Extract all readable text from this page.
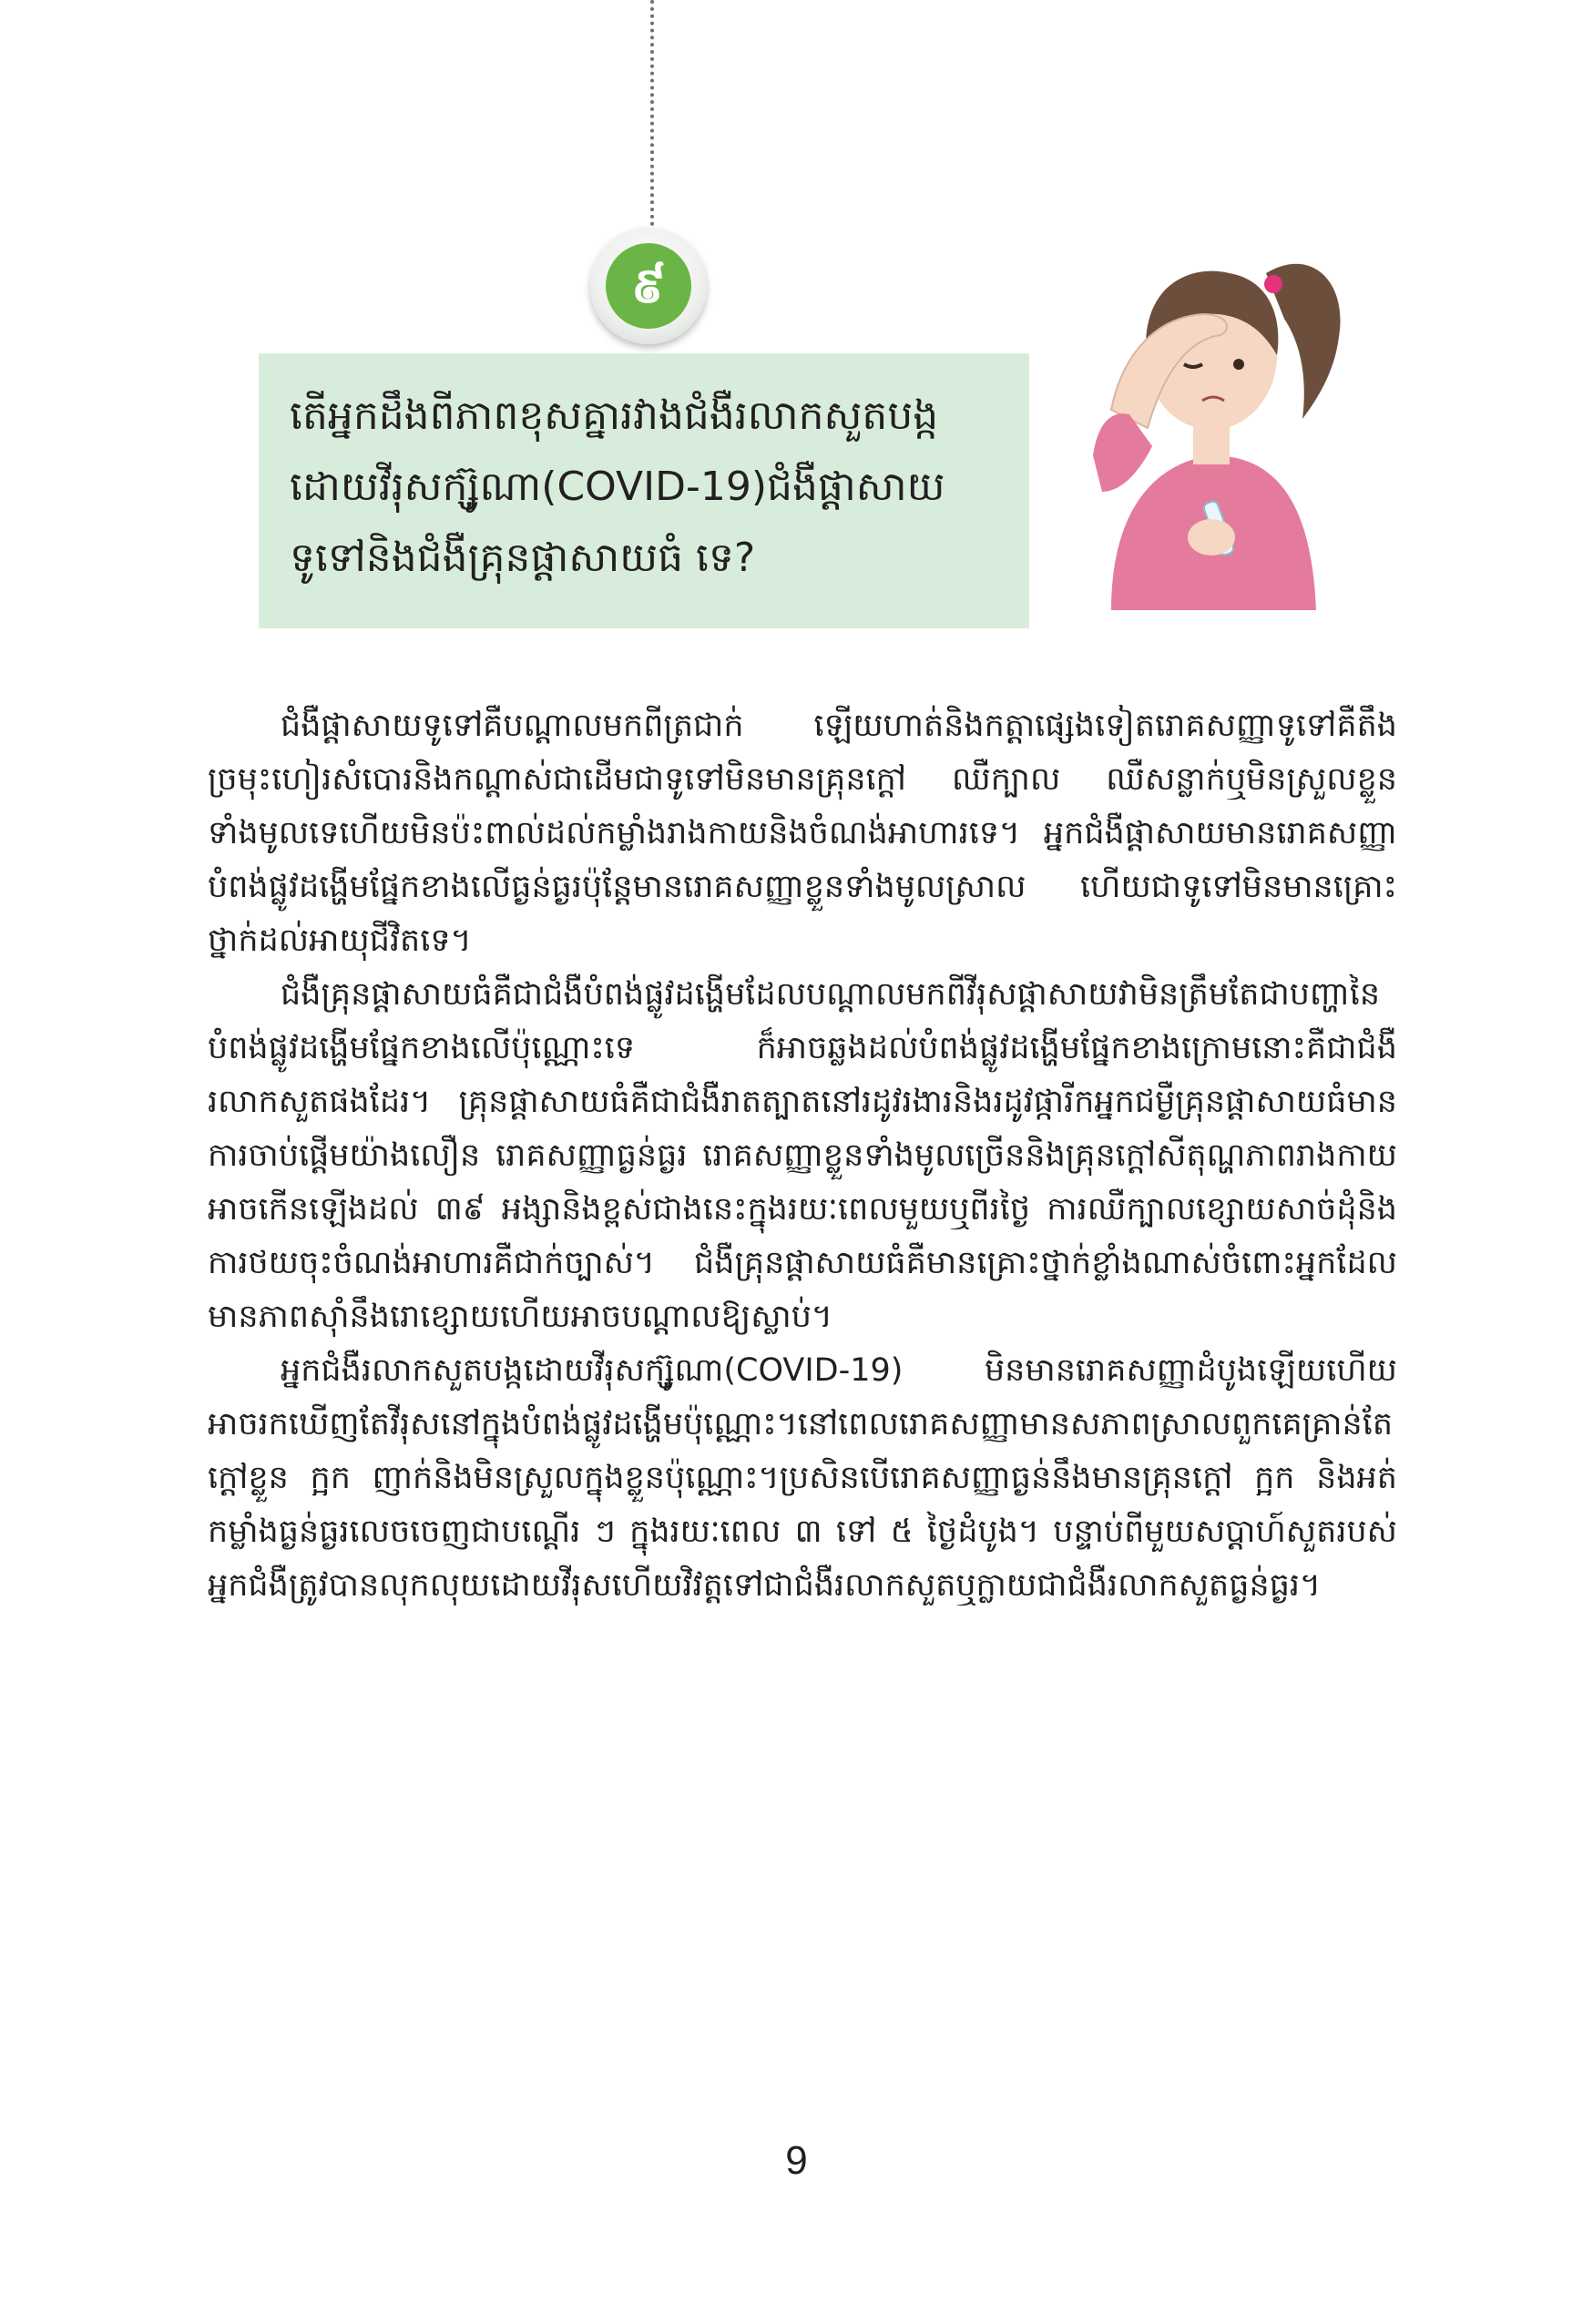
៩
តើអ្នកដឹងពីភាពខុសគ្នារវាងជំងឺរលាកសួតបង្កដោយវីរុសក្ស៊ូណា(COVID-19)ជំងឺផ្តាសាយទូទៅនិងជំងឺគ្រុនផ្តាសាយធំ ទេ?

ជំងឺផ្តាសាយទូទៅគឺបណ្តាលមកពីត្រជាក់ ឡើយហាត់និងកត្តាផ្សេងទៀតរោគសញ្ញាទូទៅគឺតឹងច្រមុះហៀរសំបោរនិងកណ្តាស់ជាដើមជាទូទៅមិនមានគ្រុនក្តៅ ឈឺក្បាល ឈឺសន្លាក់ឬមិនស្រួលខ្លួនទាំងមូលទេហើយមិនប៉ះពាល់ដល់កម្លាំងរាងកាយនិងចំណង់អាហារទេ។ អ្នកជំងឺផ្តាសាយមានរោគសញ្ញាបំពង់ផ្លូវដង្ហើមផ្នែកខាងលើធ្ងន់ធ្ងរប៉ុន្តែមានរោគសញ្ញាខ្លួនទាំងមូលស្រាល ហើយជាទូទៅមិនមានគ្រោះថ្នាក់ដល់អាយុជីវិតទេ។

ជំងឺគ្រុនផ្តាសាយធំគឺជាជំងឺបំពង់ផ្លូវដង្ហើមដែលបណ្តាលមកពីវីរុសផ្តាសាយវាមិនត្រឹមតែជាបញ្ហានៃបំពង់ផ្លូវដង្ហើមផ្នែកខាងលើប៉ុណ្ណោះទេ ក៏អាចឆ្លងដល់បំពង់ផ្លូវដង្ហើមផ្នែកខាងក្រោមនោះគឺជាជំងឺរលាកសួតផងដែរ។ គ្រុនផ្តាសាយធំគឺជាជំងឺរាតត្បាតនៅរដូវរងារនិងរដូវផ្ការីកអ្នកជម្ងឺគ្រុនផ្តាសាយធំមានការចាប់ផ្តើមយ៉ាងលឿន រោគសញ្ញាធ្ងន់ធ្ងរ រោគសញ្ញាខ្លួនទាំងមូលច្រើននិងគ្រុនក្តៅសីតុណ្ហភាពរាងកាយអាចកើនឡើងដល់ ៣៩ អង្សានិងខ្ពស់ជាងនេះក្នុងរយៈពេលមួយឬពីរថ្ងៃ ការឈឺក្បាលខ្សោយសាច់ដុំនិងការថយចុះចំណង់អាហារគឺជាក់ច្បាស់។ ជំងឺគ្រុនផ្តាសាយធំគឺមានគ្រោះថ្នាក់ខ្លាំងណាស់ចំពោះអ្នកដែលមានភាពស៊ាំនឹងរោខ្សោយហើយអាចបណ្តាលឱ្យស្លាប់។

អ្នកជំងឺរលាកសួតបង្កដោយវីរុសក្ស៊ូណា(COVID-19) មិនមានរោគសញ្ញាដំបូងឡើយហើយអាចរកឃើញតែវីរុសនៅក្នុងបំពង់ផ្លូវដង្ហើមប៉ុណ្ណោះ។នៅពេលរោគសញ្ញាមានសភាពស្រាលពួកគេគ្រាន់តែក្តៅខ្លួន ក្អក ញាក់និងមិនស្រួលក្នុងខ្លួនប៉ុណ្ណោះ។ប្រសិនបើរោគសញ្ញាធ្ងន់នឹងមានគ្រុនក្តៅ ក្អក និងអត់កម្លាំងធ្ងន់ធ្ងរលេចចេញជាបណ្តើរ ៗ ក្នុងរយៈពេល ៣ ទៅ ៥ ថ្ងៃដំបូង។ បន្ទាប់ពីមួយសប្តាហ៍សួតរបស់អ្នកជំងឺត្រូវបានលុកលុយដោយវីរុសហើយវិវត្តទៅជាជំងឺរលាកសួតឬក្លាយជាជំងឺរលាកសួតធ្ងន់ធ្ងរ។

9
